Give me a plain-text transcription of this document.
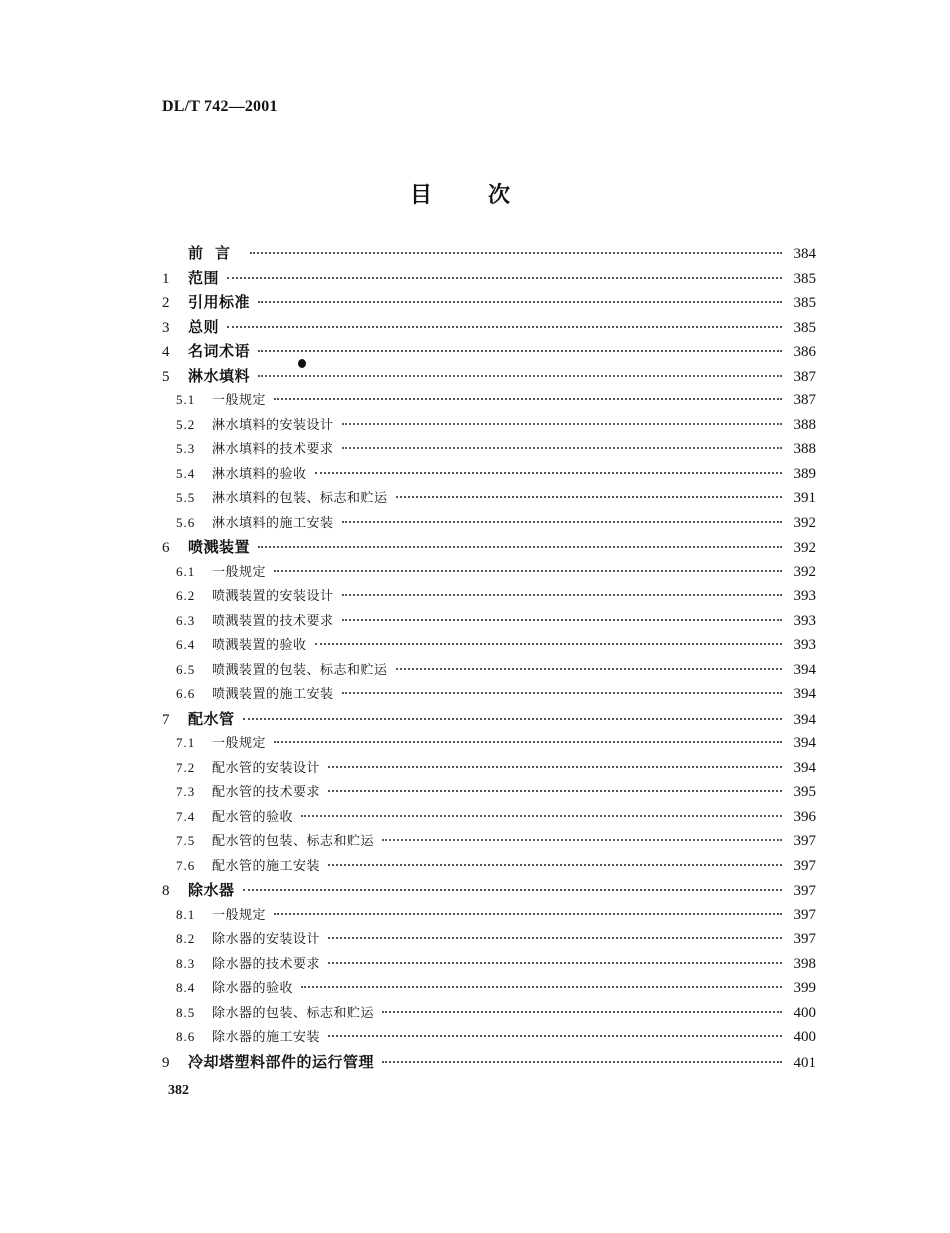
DL/T 742—2001
目次
前言	384
1	范围	385
2	引用标准	385
3	总则	385
4	名词术语	386
5	淋水填料	387
5.1	一般规定	387
5.2	淋水填料的安装设计	388
5.3	淋水填料的技术要求	388
5.4	淋水填料的验收	389
5.5	淋水填料的包装、标志和贮运	391
5.6	淋水填料的施工安装	392
6	喷溅装置	392
6.1	一般规定	392
6.2	喷溅装置的安装设计	393
6.3	喷溅装置的技术要求	393
6.4	喷溅装置的验收	393
6.5	喷溅装置的包装、标志和贮运	394
6.6	喷溅装置的施工安装	394
7	配水管	394
7.1	一般规定	394
7.2	配水管的安装设计	394
7.3	配水管的技术要求	395
7.4	配水管的验收	396
7.5	配水管的包装、标志和贮运	397
7.6	配水管的施工安装	397
8	除水器	397
8.1	一般规定	397
8.2	除水器的安装设计	397
8.3	除水器的技术要求	398
8.4	除水器的验收	399
8.5	除水器的包装、标志和贮运	400
8.6	除水器的施工安装	400
9	冷却塔塑料部件的运行管理	401
382
